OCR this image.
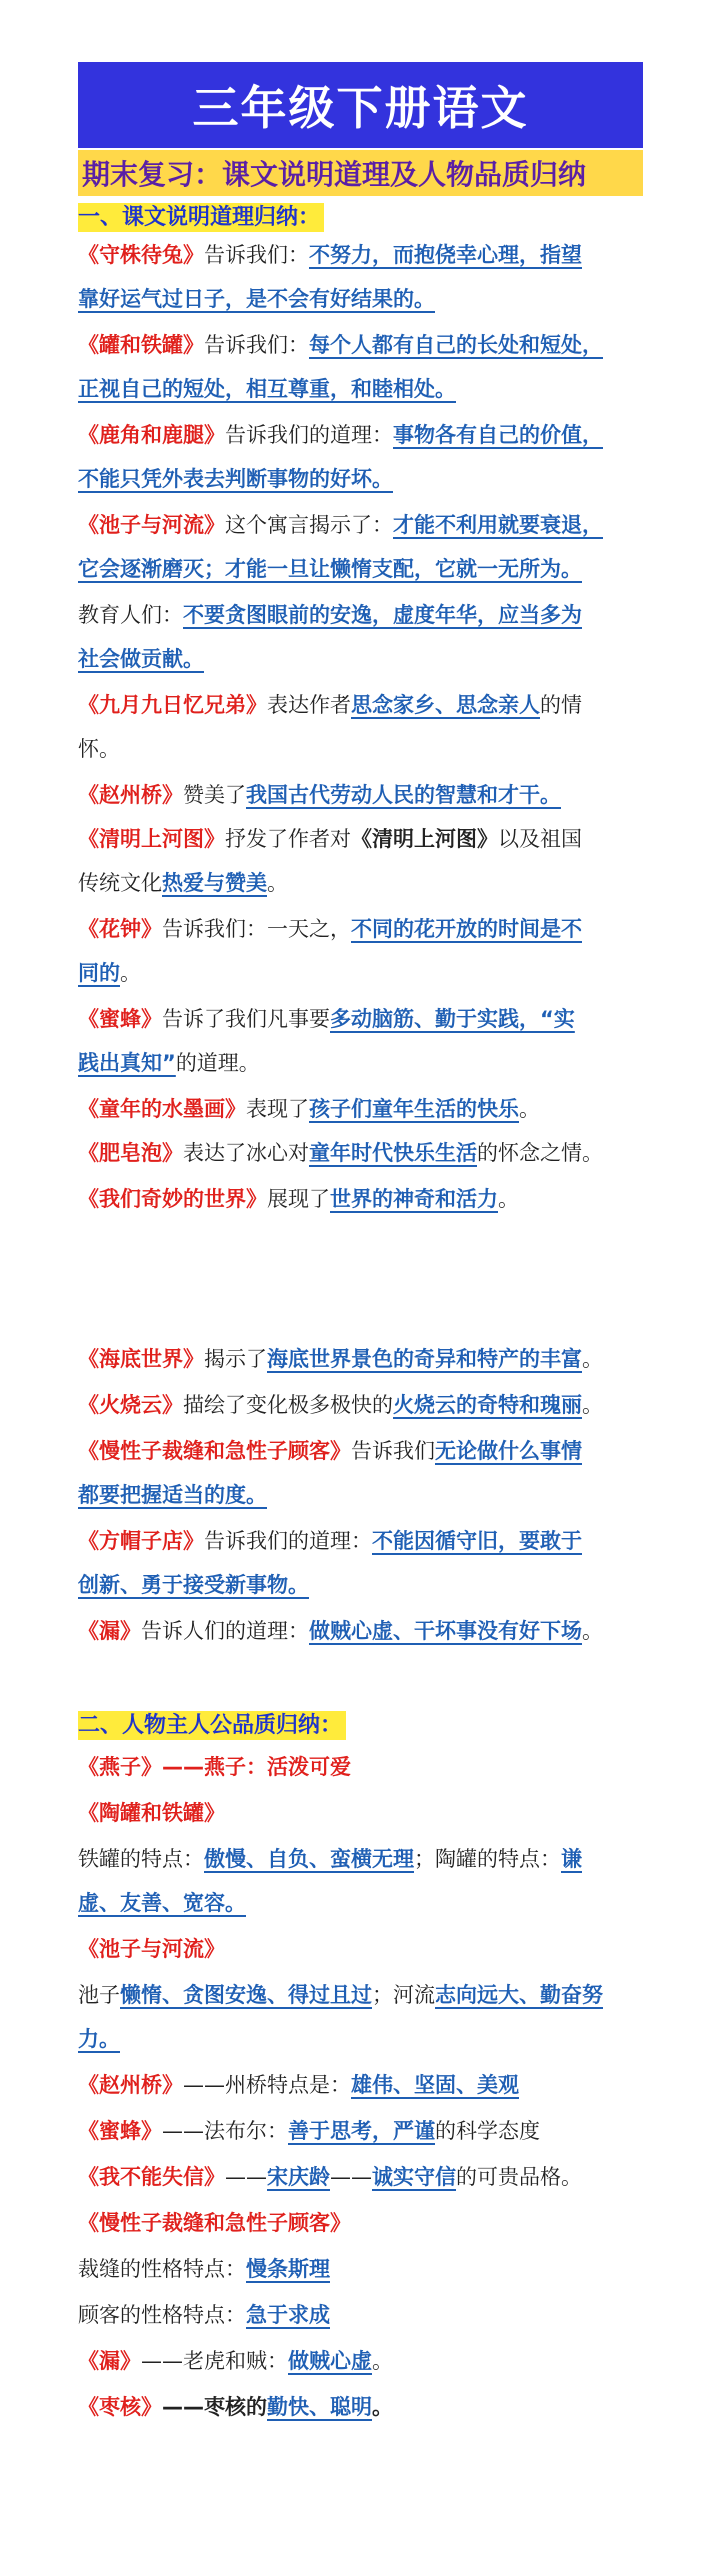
三年级下册语文
期末复习：课文说明道理及人物品质归纳
一、课文说明道理归纳：
《守株待兔》告诉我们：不努力，而抱侥幸心理，指望
靠好运气过日子，是不会有好结果的。
《罐和铁罐》告诉我们：每个人都有自己的长处和短处，
正视自己的短处，相互尊重，和睦相处。
《鹿角和鹿腿》告诉我们的道理：事物各有自己的价值，
不能只凭外表去判断事物的好坏。
《池子与河流》这个寓言揭示了：才能不利用就要衰退，
它会逐渐磨灭；才能一旦让懒惰支配，它就一无所为。
教育人们：不要贪图眼前的安逸，虚度年华，应当多为
社会做贡献。
《九月九日忆兄弟》表达作者思念家乡、思念亲人的情
怀。
《赵州桥》赞美了我国古代劳动人民的智慧和才干。
《清明上河图》抒发了作者对《清明上河图》以及祖国
传统文化热爱与赞美。
《花钟》告诉我们：一天之，不同的花开放的时间是不
同的。
《蜜蜂》告诉了我们凡事要多动脑筋、勤于实践，“实
践出真知”的道理。
《童年的水墨画》表现了孩子们童年生活的快乐。
《肥皂泡》表达了冰心对童年时代快乐生活的怀念之情。
《我们奇妙的世界》展现了世界的神奇和活力。
《海底世界》揭示了海底世界景色的奇异和特产的丰富。
《火烧云》描绘了变化极多极快的火烧云的奇特和瑰丽。
《慢性子裁缝和急性子顾客》告诉我们无论做什么事情
都要把握适当的度。
《方帽子店》告诉我们的道理：不能因循守旧，要敢于
创新、勇于接受新事物。
《漏》告诉人们的道理：做贼心虚、干坏事没有好下场。
二、人物主人公品质归纳：
《燕子》——燕子：活泼可爱
《陶罐和铁罐》
铁罐的特点：傲慢、自负、蛮横无理；陶罐的特点：谦
虚、友善、宽容。
《池子与河流》
池子懒惰、贪图安逸、得过且过；河流志向远大、勤奋努
力。
《赵州桥》——州桥特点是：雄伟、坚固、美观
《蜜蜂》——法布尔：善于思考，严谨的科学态度
《我不能失信》——宋庆龄——诚实守信的可贵品格。
《慢性子裁缝和急性子顾客》
裁缝的性格特点：慢条斯理
顾客的性格特点：急于求成
《漏》——老虎和贼：做贼心虚。
《枣核》——枣核的勤快、聪明。
